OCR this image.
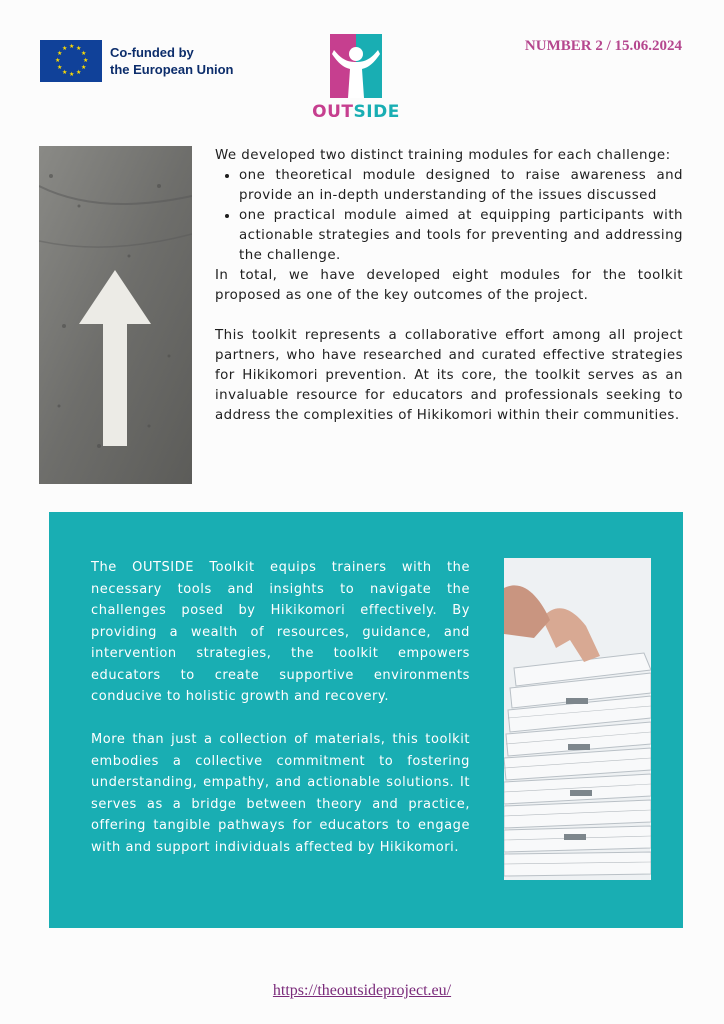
★ ★
★
★
★
★
★
★
★
★
★
★	Co-funded by
the European Union
OUTSIDE
NUMBER 2 / 15.06.2024

We developed two distinct training modules for each challenge:

• one theoretical module designed to raise awareness and provide an in-depth understanding of the issues discussed
• one practical module aimed at equipping participants with actionable strategies and tools for preventing and addressing the challenge.

In total, we have developed eight modules for the toolkit proposed as one of the key outcomes of the project.

This toolkit represents a collaborative effort among all project partners, who have researched and curated effective strategies for Hikikomori prevention. At its core, the toolkit serves as an invaluable resource for educators and professionals seeking to address the complexities of Hikikomori within their communities.

The OUTSIDE Toolkit equips trainers with the necessary tools and insights to navigate the challenges posed by Hikikomori effectively. By providing a wealth of resources, guidance, and intervention strategies, the toolkit empowers educators to create supportive environments conducive to holistic growth and recovery.

More than just a collection of materials, this toolkit embodies a collective commitment to fostering understanding, empathy, and actionable solutions. It serves as a bridge between theory and practice, offering tangible pathways for educators to engage with and support individuals affected by Hikikomori.

https://theoutsideproject.eu/
